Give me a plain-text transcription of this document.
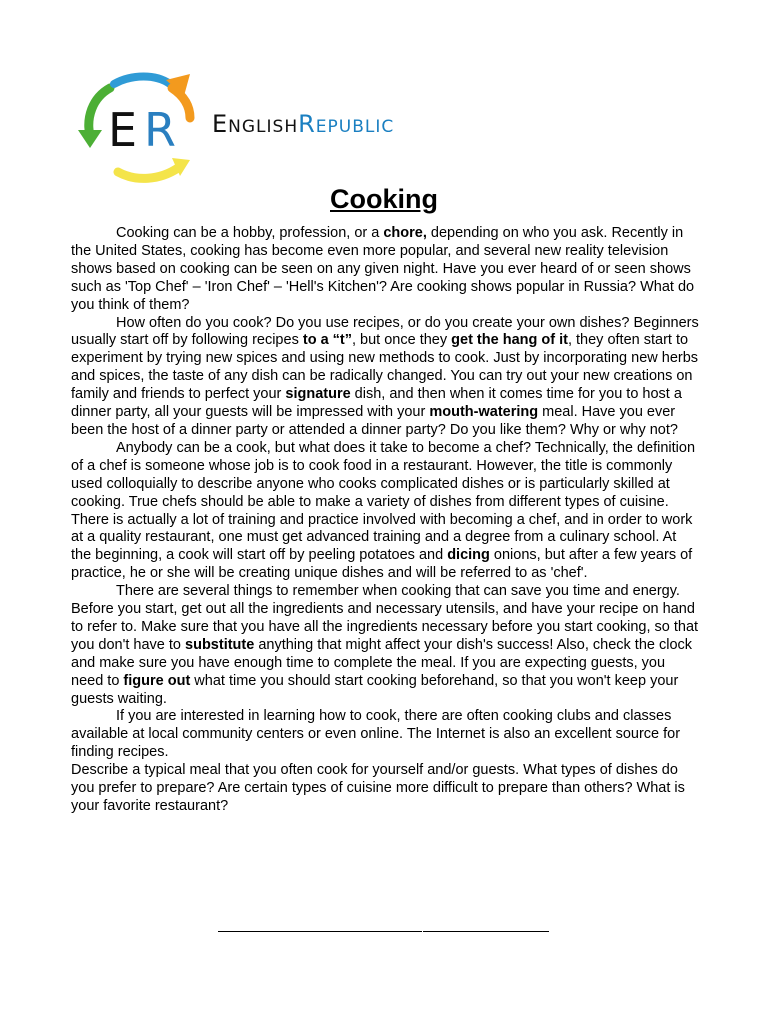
E R EnglishRepublic
Cooking

Cooking can be a hobby, profession, or a chore, depending on who you ask. Recently in the United States, cooking has become even more popular, and several new reality television shows based on cooking can be seen on any given night. Have you ever heard of or seen shows such as 'Top Chef' – 'Iron Chef' – 'Hell's Kitchen'? Are cooking shows popular in Russia? What do you think of them?

How often do you cook? Do you use recipes, or do you create your own dishes? Beginners usually start off by following recipes to a “t”, but once they get the hang of it, they often start to experiment by trying new spices and using new methods to cook. Just by incorporating new herbs and spices, the taste of any dish can be radically changed. You can try out your new creations on family and friends to perfect your signature dish, and then when it comes time for you to host a dinner party, all your guests will be impressed with your mouth-watering meal. Have you ever been the host of a dinner party or attended a dinner party? Do you like them? Why or why not?

Anybody can be a cook, but what does it take to become a chef? Technically, the definition of a chef is someone whose job is to cook food in a restaurant. However, the title is commonly used colloquially to describe anyone who cooks complicated dishes or is particularly skilled at cooking. True chefs should be able to make a variety of dishes from different types of cuisine. There is actually a lot of training and practice involved with becoming a chef, and in order to work at a quality restaurant, one must get advanced training and a degree from a culinary school. At the beginning, a cook will start off by peeling potatoes and dicing onions, but after a few years of practice, he or she will be creating unique dishes and will be referred to as 'chef'.

There are several things to remember when cooking that can save you time and energy. Before you start, get out all the ingredients and necessary utensils, and have your recipe on hand to refer to. Make sure that you have all the ingredients necessary before you start cooking, so that you don't have to substitute anything that might affect your dish's success! Also, check the clock and make sure you have enough time to complete the meal. If you are expecting guests, you need to figure out what time you should start cooking beforehand, so that you won't keep your guests waiting.

If you are interested in learning how to cook, there are often cooking clubs and classes available at local community centers or even online. The Internet is also an excellent source for finding recipes.

Describe a typical meal that you often cook for yourself and/or guests. What types of dishes do you prefer to prepare? Are certain types of cuisine more difficult to prepare than others? What is your favorite restaurant?
